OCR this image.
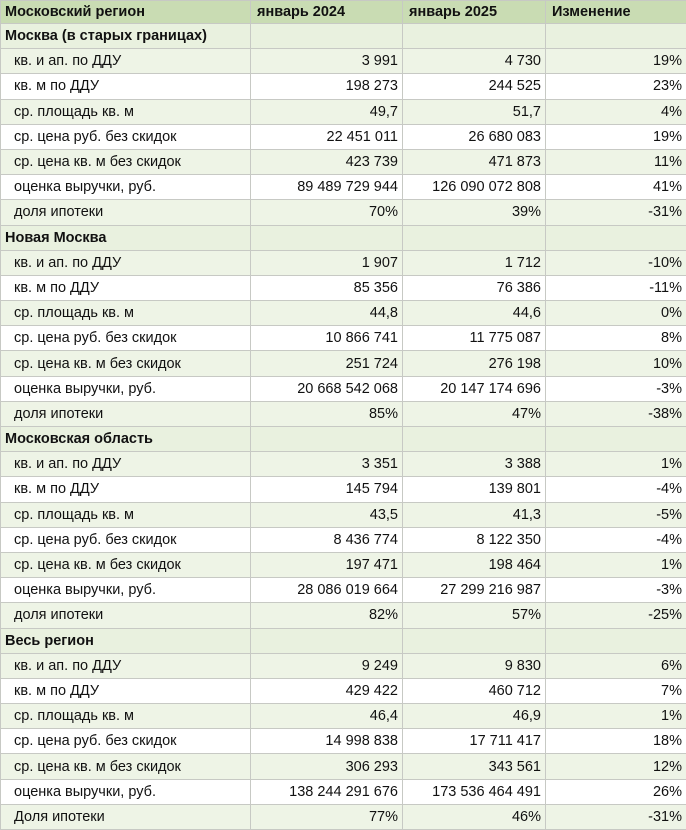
Московский регион	январь 2024	январь 2025	Изменение
Москва (в старых границах)			
кв. и ап. по ДДУ	3 991	4 730	19%
кв. м по ДДУ	198 273	244 525	23%
ср. площадь кв. м	49,7	51,7	4%
ср. цена руб. без скидок	22 451 011	26 680 083	19%
ср. цена кв. м без скидок	423 739	471 873	11%
оценка выручки, руб.	89 489 729 944	126 090 072 808	41%
доля ипотеки	70%	39%	-31%
Новая Москва			
кв. и ап. по ДДУ	1 907	1 712	-10%
кв. м по ДДУ	85 356	76 386	-11%
ср. площадь кв. м	44,8	44,6	0%
ср. цена руб. без скидок	10 866 741	11 775 087	8%
ср. цена кв. м без скидок	251 724	276 198	10%
оценка выручки, руб.	20 668 542 068	20 147 174 696	-3%
доля ипотеки	85%	47%	-38%
Московская область			
кв. и ап. по ДДУ	3 351	3 388	1%
кв. м по ДДУ	145 794	139 801	-4%
ср. площадь кв. м	43,5	41,3	-5%
ср. цена руб. без скидок	8 436 774	8 122 350	-4%
ср. цена кв. м без скидок	197 471	198 464	1%
оценка выручки, руб.	28 086 019 664	27 299 216 987	-3%
доля ипотеки	82%	57%	-25%
Весь регион			
кв. и ап. по ДДУ	9 249	9 830	6%
кв. м по ДДУ	429 422	460 712	7%
ср. площадь кв. м	46,4	46,9	1%
ср. цена руб. без скидок	14 998 838	17 711 417	18%
ср. цена кв. м без скидок	306 293	343 561	12%
оценка выручки, руб.	138 244 291 676	173 536 464 491	26%
Доля ипотеки	77%	46%	-31%
